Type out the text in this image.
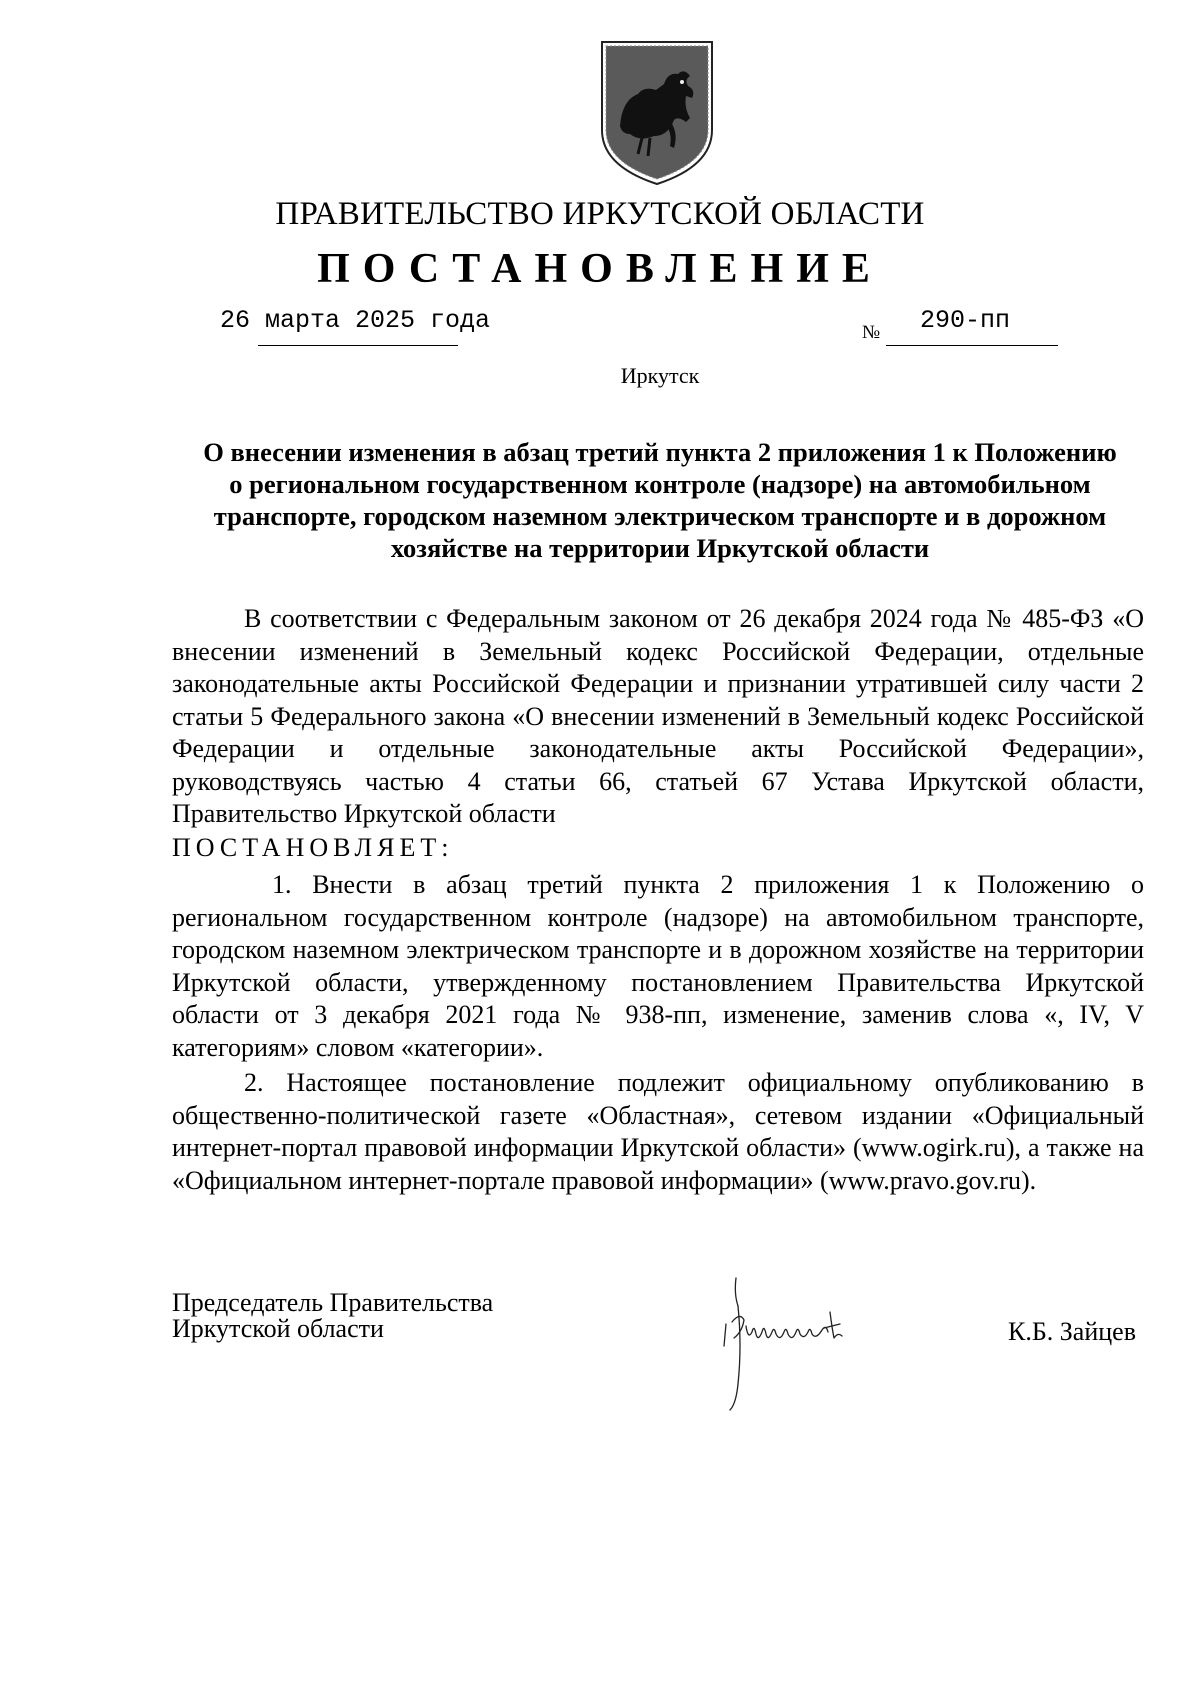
ПРАВИТЕЛЬСТВО ИРКУТСКОЙ ОБЛАСТИ
ПОСТАНОВЛЕНИЕ
26 марта 2025 года	№ 290-пп
Иркутск
О внесении изменения в абзац третий пункта 2 приложения 1 к Положению о региональном государственном контроле (надзоре) на автомобильном транспорте, городском наземном электрическом транспорте и в дорожном хозяйстве на территории Иркутской области
В соответствии с Федеральным законом от 26 декабря 2024 года № 485-ФЗ «О внесении изменений в Земельный кодекс Российской Федерации, отдельные законодательные акты Российской Федерации и признании утратившей силу части 2 статьи 5 Федерального закона «О внесении изменений в Земельный кодекс Российской Федерации и отдельные законодательные акты Российской Федерации», руководствуясь частью 4 статьи 66, статьей 67 Устава Иркутской области, Правительство Иркутской области
ПОСТАНОВЛЯЕТ:
1. Внести в абзац третий пункта 2 приложения 1 к Положению о региональном государственном контроле (надзоре) на автомобильном транспорте, городском наземном электрическом транспорте и в дорожном хозяйстве на территории Иркутской области, утвержденному постановлением Правительства Иркутской области от 3 декабря 2021 года № 938-пп, изменение, заменив слова «, IV, V категориям» словом «категории».
2. Настоящее постановление подлежит официальному опубликованию в общественно-политической газете «Областная», сетевом издании «Официальный интернет-портал правовой информации Иркутской области» (www.ogirk.ru), а также на «Официальном интернет-портале правовой информации» (www.pravo.gov.ru).
Председатель Правительства
Иркутской области	К.Б. Зайцев
